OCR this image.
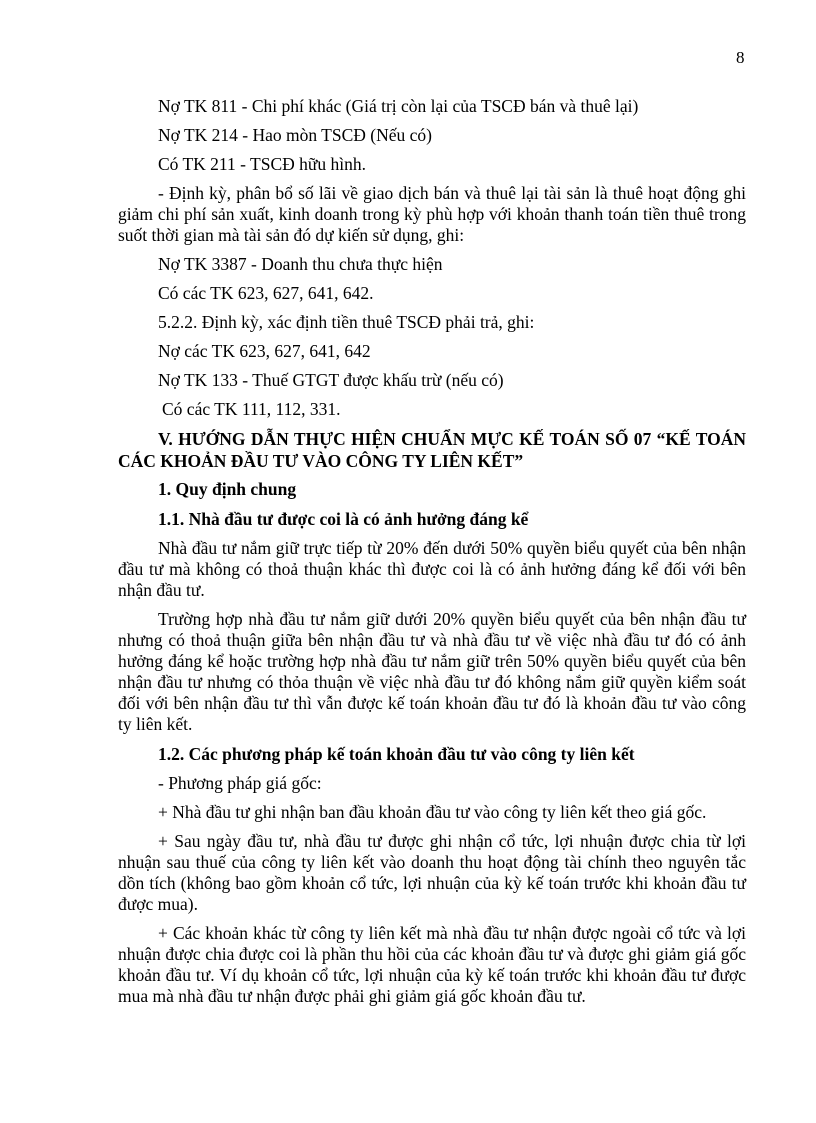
8

Nợ TK 811 - Chi phí khác (Giá trị còn lại của TSCĐ bán và thuê lại)

Nợ TK 214 - Hao mòn TSCĐ (Nếu có)

Có TK 211 - TSCĐ hữu hình.

- Định kỳ, phân bổ số lãi về giao dịch bán và thuê lại tài sản là thuê hoạt động ghi giảm chi phí sản xuất, kinh doanh trong kỳ phù hợp với khoản thanh toán tiền thuê trong suốt thời gian mà tài sản đó dự kiến sử dụng, ghi:

Nợ TK 3387 - Doanh thu chưa thực hiện

Có các TK 623, 627, 641, 642.

5.2.2. Định kỳ, xác định tiền thuê TSCĐ phải trả, ghi:

Nợ các TK 623, 627, 641, 642

Nợ TK 133 - Thuế GTGT được khấu trừ (nếu có)

Có các TK 111, 112, 331.

V. HƯỚNG DẪN THỰC HIỆN CHUẨN MỰC KẾ TOÁN SỐ 07 “KẾ TOÁN CÁC KHOẢN ĐẦU TƯ VÀO CÔNG TY LIÊN KẾT”

1. Quy định chung

1.1. Nhà đầu tư được coi là có ảnh hưởng đáng kể

Nhà đầu tư nắm giữ trực tiếp từ 20% đến dưới 50% quyền biểu quyết của bên nhận đầu tư mà không có thoả thuận khác thì được coi là có ảnh hưởng đáng kể đối với bên nhận đầu tư.

Trường hợp nhà đầu tư nắm giữ dưới 20% quyền biểu quyết của bên nhận đầu tư nhưng có thoả thuận giữa bên nhận đầu tư và nhà đầu tư về việc nhà đầu tư đó có ảnh hưởng đáng kể hoặc trường hợp nhà đầu tư nắm giữ trên 50% quyền biểu quyết của bên nhận đầu tư nhưng có thỏa thuận về việc nhà đầu tư đó không nắm giữ quyền kiểm soát đối với bên nhận đầu tư thì vẫn được kế toán khoản đầu tư đó là khoản đầu tư vào công ty liên kết.

1.2. Các phương pháp kế toán khoản đầu tư vào công ty liên kết

- Phương pháp giá gốc:

+ Nhà đầu tư ghi nhận ban đầu khoản đầu tư vào công ty liên kết theo giá gốc.

+ Sau ngày đầu tư, nhà đầu tư được ghi nhận cổ tức, lợi nhuận được chia từ lợi nhuận sau thuế của công ty liên kết vào doanh thu hoạt động tài chính theo nguyên tắc dồn tích (không bao gồm khoản cổ tức, lợi nhuận của kỳ kế toán trước khi khoản đầu tư được mua).

+ Các khoản khác từ công ty liên kết mà nhà đầu tư nhận được ngoài cổ tức và lợi nhuận được chia được coi là phần thu hồi của các khoản đầu tư và được ghi giảm giá gốc khoản đầu tư. Ví dụ khoản cổ tức, lợi nhuận của kỳ kế toán trước khi khoản đầu tư được mua mà nhà đầu tư nhận được phải ghi giảm giá gốc khoản đầu tư.
